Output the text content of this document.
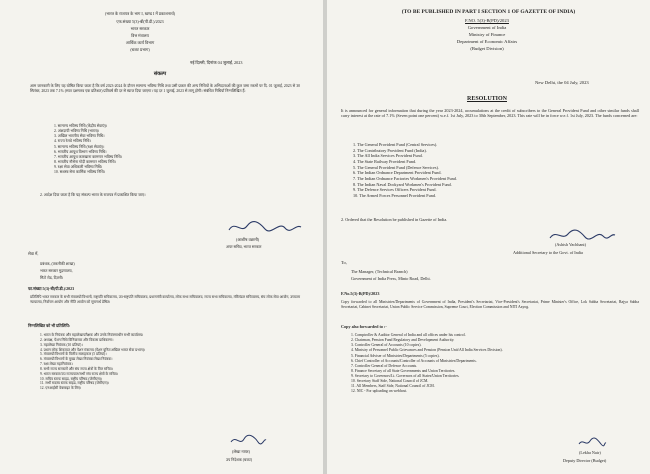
(भारत के राजपत्र के भाग I, खण्ड I में प्रकाशनार्थ)
एफ.संख्या 5(3)-बी(पी.डी.)/2023
भारत सरकार
वित्त मंत्रालय
आर्थिक कार्य विभाग
(बजट प्रभाग)
नई दिल्ली, दिनांक 04 जुलाई, 2023
संकल्प
आम जानकारी के लिए यह घोषित किया जाता है कि वर्ष 2023-2024 के दौरान सामान्य भविष्य निधि तथा उसी प्रकार की अन्य निधियों के अभिदाताओं की कुल जमा रकमों पर दि. 01 जुलाई, 2023 से 30 सितंबर, 2023 तक 7.1% (सात दशमलव एक प्रतिशत) प्रतिवर्ष की दर से ब्याज दिया जाएगा। यह दर 1 जुलाई, 2023 से लागू होगी। संबंधित निधियाँ निम्नलिखित हैं:
1. सामान्य भविष्य निधि (केंद्रीय सेवाएं)।
2. अंशदायी भविष्य निधि (भारत)।
3. अखिल भारतीय सेवा भविष्य निधि।
4. राज्य रेलवे भविष्य निधि।
5. सामान्य भविष्य निधि (रक्षा सेवाएं)।
6. भारतीय आयुध विभाग भविष्य निधि।
7. भारतीय आयुध कारखाना कामगार भविष्य निधि।
8. भारतीय नौसेना गोदी कामगार भविष्य निधि।
9. रक्षा सेवा अधिकारी भविष्य निधि।
10. सशस्त्र सेना कार्मिक भविष्य निधि।
2. आदेश दिया जाता है कि यह संकल्प भारत के राजपत्र में प्रकाशित किया जाए।
(आशीष वछानी)
अपर सचिव, भारत सरकार
सेवा में,
प्रबंधक, (तकनीकी शाखा)
भारत सरकार मुद्रणालय,
मिंटो रोड, दिल्ली।
फा.संख्या 5(3)-बी(पी.डी.)/2023
प्रतिलिपि भारत सरकार के सभी मंत्रालयों/विभागों, राष्ट्रपति सचिवालय, उप-राष्ट्रपति सचिवालय, प्रधानमंत्री कार्यालय, लोक सभा सचिवालय, राज्य सभा सचिवालय, मंत्रिमंडल सचिवालय, संघ लोक सेवा आयोग, उच्चतम न्यायालय, निर्वाचन आयोग और नीति आयोग को सूचनार्थ प्रेषित।
निम्नलिखित को भी प्रतिलिपि:
1. भारत के नियंत्रक और महालेखापरीक्षक और उनके नियंत्रणाधीन सभी कार्यालय।
2. अध्यक्ष, पेंशन निधि विनियामक और विकास प्राधिकरण।
3. महालेखा नियंत्रक (10 प्रतियां)।
4. प्रधान लोक शिकायत और पेंशन मंत्रालय (पेंशन यूनिट/अखिल भारत सेवा प्रभाग)।
5. मंत्रालयों/विभागों के वित्तीय सलाहकार (5 प्रतियां)।
6. मंत्रालयों/विभागों के मुख्य लेखा नियंत्रक/लेखा नियंत्रक।
7. रक्षा लेखा महानियंत्रक।
8. सभी राज्य सरकारों और संघ राज्य क्षेत्रों के वित्त सचिव।
9. भारत सरकार/उप राज्यपाल/सभी संघ राज्य क्षेत्रों के सचिव।
10. सचिव स्टाफ साइड, राष्ट्रीय परिषद (जेसीएम)।
11. सभी सदस्य स्टाफ साइड, राष्ट्रीय परिषद (जेसीएम)।
12. एनआईसी वेबसाइट के लिए।
(लेखा नायर)
उप निदेशक (बजट)
(TO BE PUBLISHED IN PART I SECTION 1 OF GAZETTE OF INDIA)
F.NO. 5(3)-B(PD)/2023
Government of India
Ministry of Finance
Department of Economic Affairs
(Budget Division)
New Delhi, the 04 July, 2023
RESOLUTION
It is announced for general information that during the year 2023-2024, accumulations at the credit of subscribers to the General Provident Fund and other similar funds shall carry interest at the rate of 7.1% (Seven point one percent) w.e.f. 1st July, 2023 to 30th September, 2023. This rate will be in force w.e.f. 1st July, 2023. The funds concerned are:
1. The General Provident Fund (Central Services).
2. The Contributory Provident Fund (India).
3. The All India Services Provident Fund.
4. The State Railway Provident Fund.
5. The General Provident Fund (Defence Services).
6. The Indian Ordnance Department Provident Fund.
7. The Indian Ordnance Factories Workmen's Provident Fund.
8. The Indian Naval Dockyard Workmen's Provident Fund.
9. The Defence Services Officers Provident Fund.
10. The Armed Forces Personnel Provident Fund.
2. Ordered that the Resolution be published in Gazette of India.
(Ashish Vachhani)
Additional Secretary to the Govt. of India
To,
The Manager, (Technical Branch)
Government of India Press, Minto Road, Delhi.
F.No.5(3)-B(PD)/2023
Copy forwarded to all Ministries/Departments of Government of India, President's Secretariat, Vice-President's Secretariat, Prime Minister's Office, Lok Sabha Secretariat, Rajya Sabha Secretariat, Cabinet Secretariat, Union Public Service Commission, Supreme Court, Election Commission and NITI Aayog.
Copy also forwarded to :-
1. Comptroller & Auditor General of India and all offices under his control.
2. Chairman, Pension Fund Regulatory and Development Authority.
3. Controller General of Accounts (10 copies).
4. Ministry of Personnel Public Grievances and Pension (Pension Unit/All India Services Division).
5. Financial Adviser of Ministries/Departments (5 copies).
6. Chief Controller of Accounts/Controller of Accounts of Ministries/Departments.
7. Controller General of Defence Accounts.
8. Finance Secretary of all State Governments and Union Territories.
9. Secretary to Governors/Lt. Governors of all States/Union Territories.
10. Secretary Staff Side, National Council of JCM.
11. All Members, Staff Side, National Council of JCM.
12. NIC - For uploading on webhost.
(Lekha Nair)
Deputy Director (Budget)
